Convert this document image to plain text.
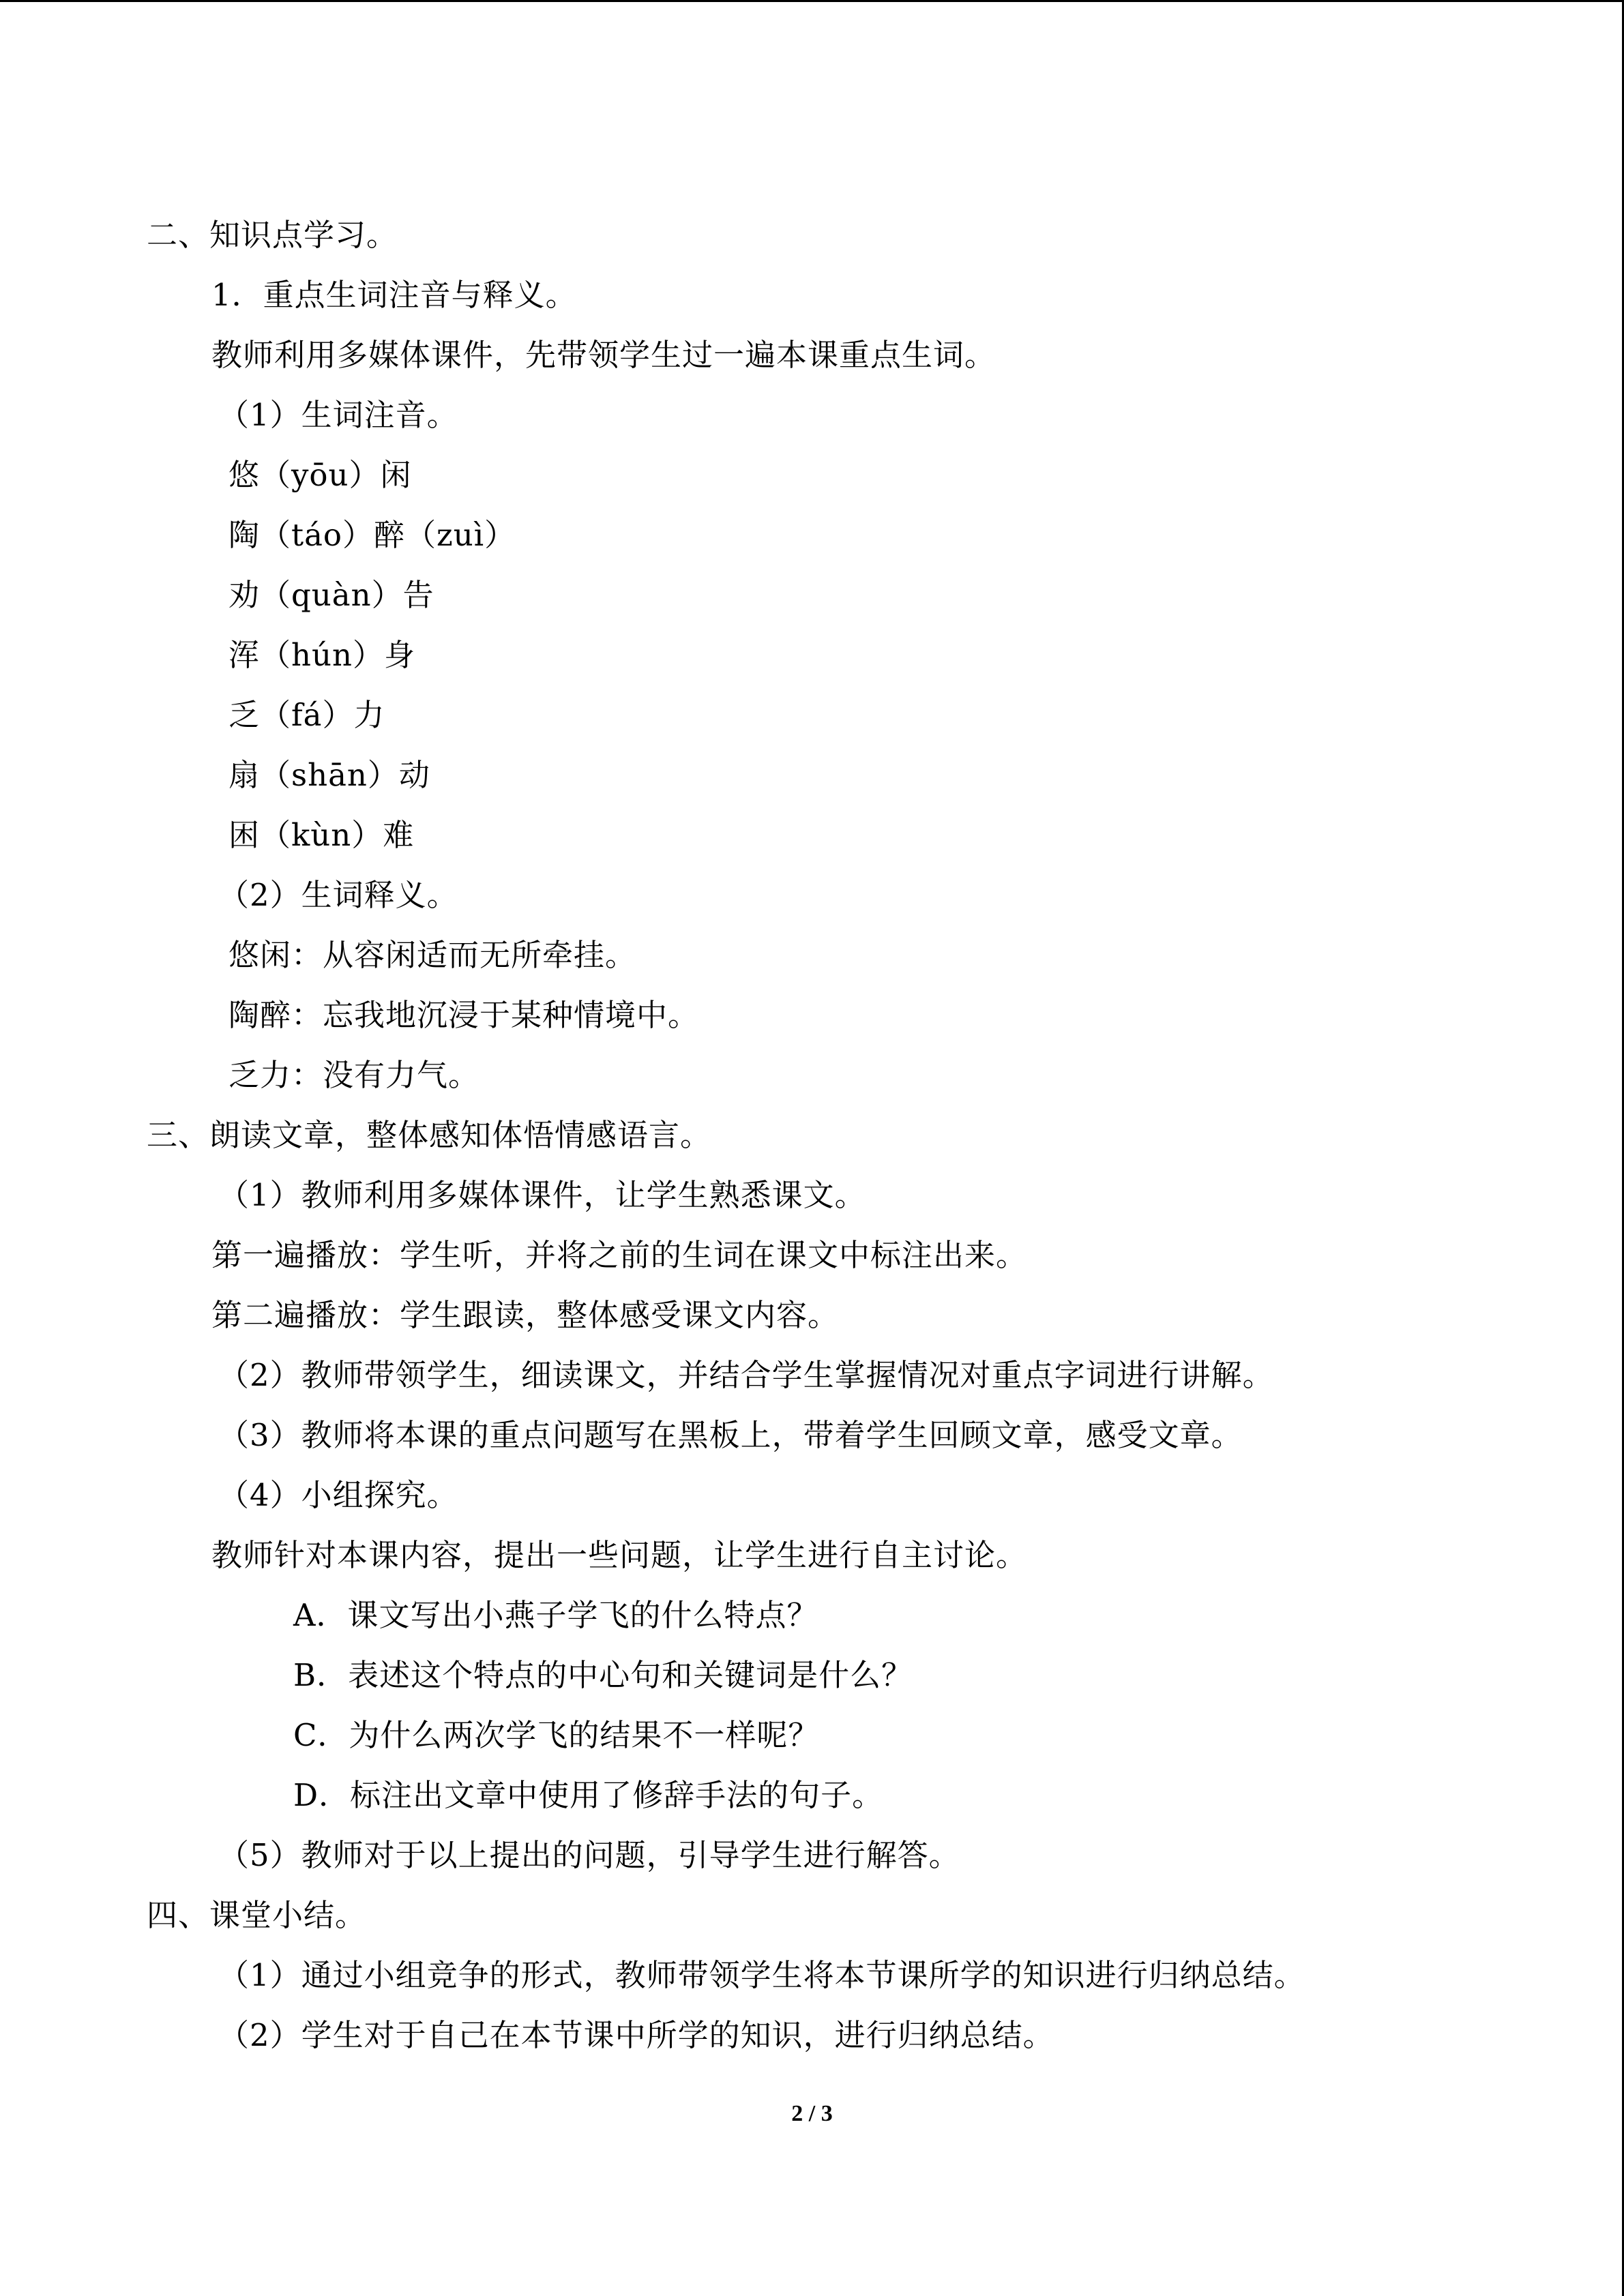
二、知识点学习。
1．重点生词注音与释义。
教师利用多媒体课件，先带领学生过一遍本课重点生词。
（1）生词注音。
悠（yōu）闲
陶（táo）醉（zuì）
劝（quàn）告
浑（hún）身
乏（fá）力
扇（shān）动
困（kùn）难
（2）生词释义。
悠闲：从容闲适而无所牵挂。
陶醉：忘我地沉浸于某种情境中。
乏力：没有力气。
三、朗读文章，整体感知体悟情感语言。
（1）教师利用多媒体课件，让学生熟悉课文。
第一遍播放：学生听，并将之前的生词在课文中标注出来。
第二遍播放：学生跟读，整体感受课文内容。
（2）教师带领学生，细读课文，并结合学生掌握情况对重点字词进行讲解。
（3）教师将本课的重点问题写在黑板上，带着学生回顾文章，感受文章。
（4）小组探究。
教师针对本课内容，提出一些问题，让学生进行自主讨论。
A．课文写出小燕子学飞的什么特点？
B．表述这个特点的中心句和关键词是什么？
C．为什么两次学飞的结果不一样呢？
D．标注出文章中使用了修辞手法的句子。
（5）教师对于以上提出的问题，引导学生进行解答。
四、课堂小结。
（1）通过小组竞争的形式，教师带领学生将本节课所学的知识进行归纳总结。
（2）学生对于自己在本节课中所学的知识，进行归纳总结。
2 / 3
